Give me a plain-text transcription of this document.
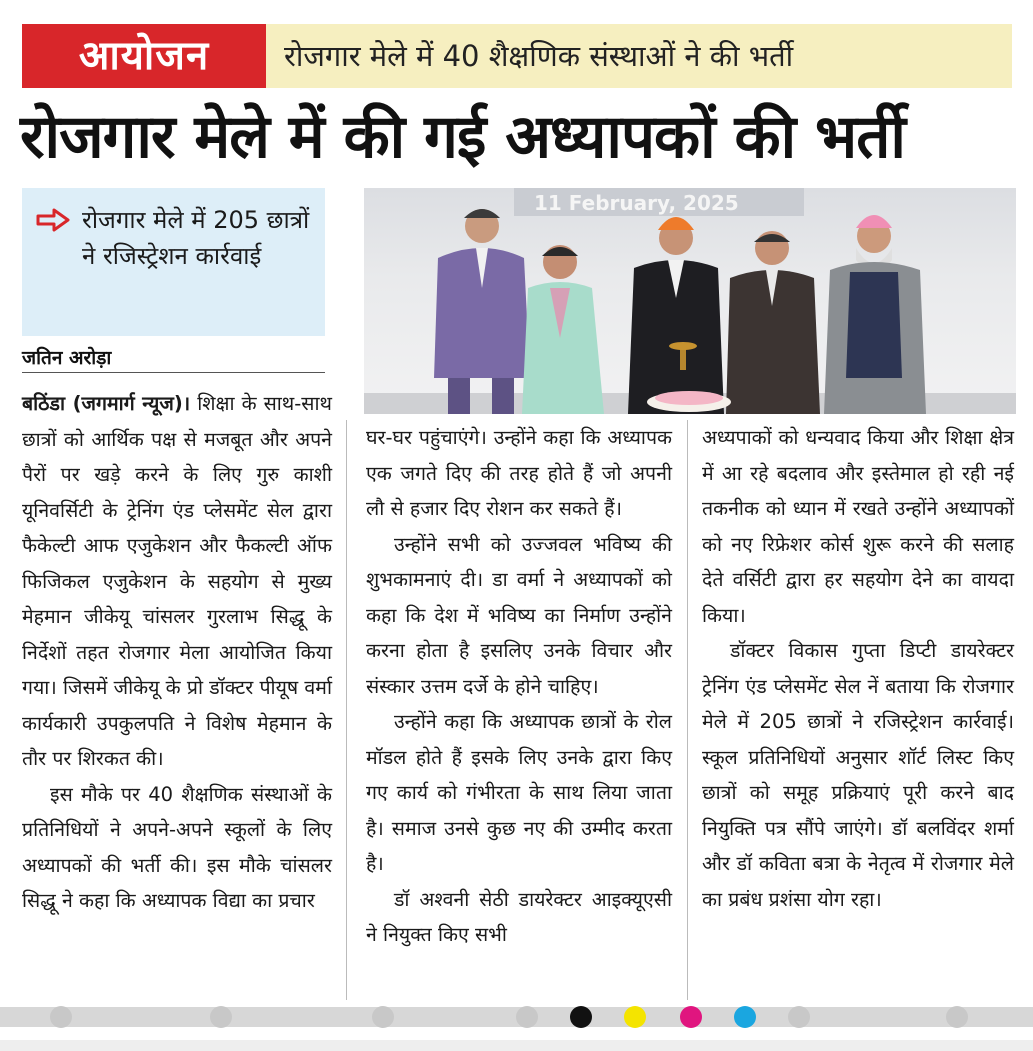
आयोजन	रोजगार मेले में 40 शैक्षणिक संस्थाओं ने की भर्ती
रोजगार मेले में की गई अध्यापकों की भर्ती
रोजगार मेले में 205 छात्रों ने रजिस्ट्रेशन कार्रवाई
जतिन अरोड़ा
11 February, 2025

बठिंडा (जगमार्ग न्यूज)। शिक्षा के साथ-साथ छात्रों को आर्थिक पक्ष से मजबूत और अपने पैरों पर खड़े करने के लिए गुरु काशी यूनिवर्सिटी के ट्रेनिंग एंड प्लेसमेंट सेल द्वारा फैकेल्टी आफ एजुकेशन और फैकल्टी ऑफ फिजिकल एजुकेशन के सहयोग से मुख्य मेहमान जीकेयू चांसलर गुरलाभ सिद्धू के निर्देशों तहत रोजगार मेला आयोजित किया गया। जिसमें जीकेयू के प्रो डॉक्टर पीयूष वर्मा कार्यकारी उपकुलपति ने विशेष मेहमान के तौर पर शिरकत की।

इस मौके पर 40 शैक्षणिक संस्थाओं के प्रतिनिधियों ने अपने-अपने स्कूलों के लिए अध्यापकों की भर्ती की। इस मौके चांसलर सिद्धू ने कहा कि अध्यापक विद्या का प्रचार

घर-घर पहुंचाएंगे। उन्होंने कहा कि अध्यापक एक जगते दिए की तरह होते हैं जो अपनी लौ से हजार दिए रोशन कर सकते हैं।

उन्होंने सभी को उज्जवल भविष्य की शुभकामनाएं दी। डा वर्मा ने अध्यापकों को कहा कि देश में भविष्य का निर्माण उन्होंने करना होता है इसलिए उनके विचार और संस्कार उत्तम दर्जे के होने चाहिए।

उन्होंने कहा कि अध्यापक छात्रों के रोल मॉडल होते हैं इसके लिए उनके द्वारा किए गए कार्य को गंभीरता के साथ लिया जाता है। समाज उनसे कुछ नए की उम्मीद करता है।

डॉ अश्वनी सेठी डायरेक्टर आइक्यूएसी ने नियुक्त किए सभी

अध्यपाकों को धन्यवाद किया और शिक्षा क्षेत्र में आ रहे बदलाव और इस्तेमाल हो रही नई तकनीक को ध्यान में रखते उन्होंने अध्यापकों को नए रिफ्रेशर कोर्स शुरू करने की सलाह देते वर्सिटी द्वारा हर सहयोग देने का वायदा किया।

डॉक्टर विकास गुप्ता डिप्टी डायरेक्टर ट्रेनिंग एंड प्लेसमेंट सेल नें बताया कि रोजगार मेले में 205 छात्रों ने रजिस्ट्रेशन कार्रवाई। स्कूल प्रतिनिधियों अनुसार शॉर्ट लिस्ट किए छात्रों को समूह प्रक्रियाएं पूरी करने बाद नियुक्ति पत्र सौंपे जाएंगे। डॉ बलविंदर शर्मा और डॉ कविता बत्रा के नेतृत्व में रोजगार मेले का प्रबंध प्रशंसा योग रहा।
